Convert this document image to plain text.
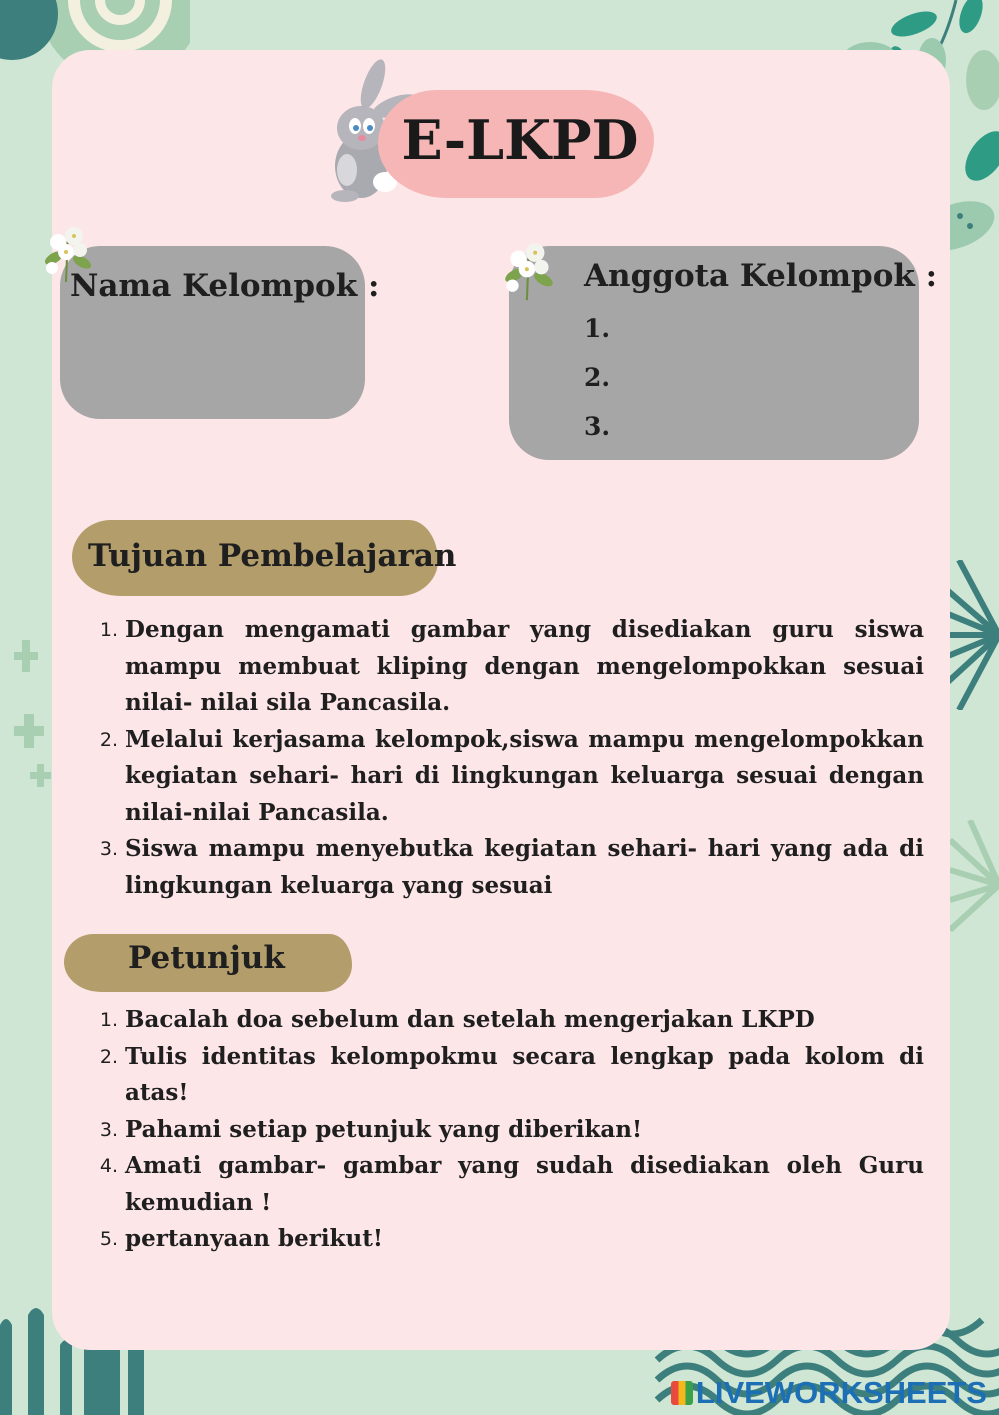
E-LKPD
Nama Kelompok :	Anggota Kelompok :
1.
2.
3.
Tujuan Pembelajaran
1. Dengan mengamati gambar yang disediakan guru siswa mampu membuat kliping dengan mengelompokkan sesuai nilai- nilai sila Pancasila.
2. Melalui kerjasama kelompok,siswa mampu mengelompokkan kegiatan sehari- hari di lingkungan keluarga sesuai dengan nilai-nilai Pancasila.
3. Siswa mampu menyebutka kegiatan sehari- hari yang ada di lingkungan keluarga yang sesuai
Petunjuk
1. Bacalah doa sebelum dan setelah mengerjakan LKPD
2. Tulis identitas kelompokmu secara lengkap pada kolom di atas!
3. Pahami setiap petunjuk yang diberikan!
4. Amati gambar- gambar yang sudah disediakan oleh Guru kemudian !
5. pertanyaan berikut!
LIVEWORKSHEETS
